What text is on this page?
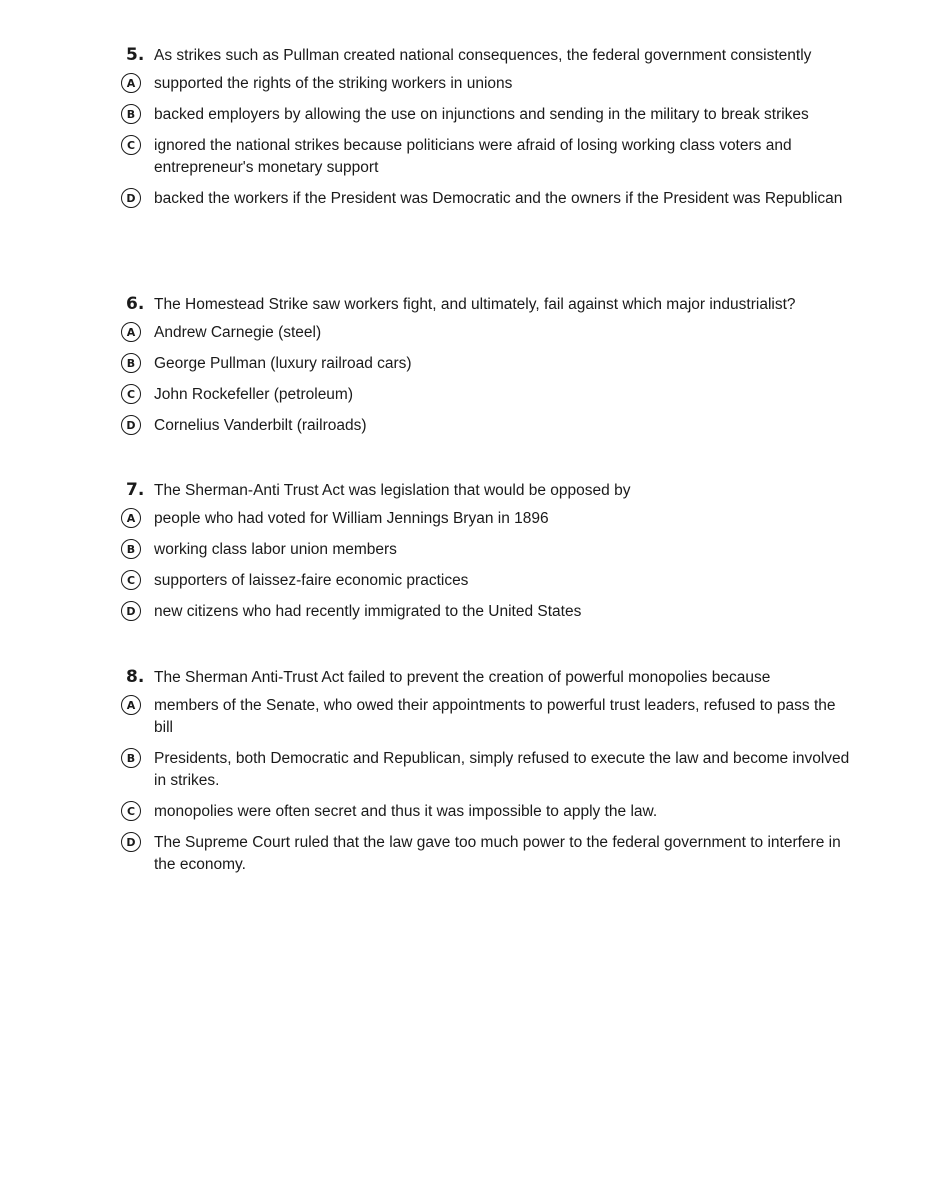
5. As strikes such as Pullman created national consequences, the federal government consistently
A	supported the rights of the striking workers in unions
B	backed employers by allowing the use on injunctions and sending in the military to break strikes
C	ignored the national strikes because politicians were afraid of losing working class voters and entrepreneur's monetary support
D	backed the workers if the President was Democratic and the owners if the President was Republican
6. The Homestead Strike saw workers fight, and ultimately, fail against which major industrialist?
A	Andrew Carnegie (steel)
B	George Pullman (luxury railroad cars)
C	John Rockefeller (petroleum)
D	Cornelius Vanderbilt (railroads)
7. The Sherman-Anti Trust Act was legislation that would be opposed by
A	people who had voted for William Jennings Bryan in 1896
B	working class labor union members
C	supporters of laissez-faire economic practices
D	new citizens who had recently immigrated to the United States
8. The Sherman Anti-Trust Act failed to prevent the creation of powerful monopolies because
A	members of the Senate, who owed their appointments to powerful trust leaders, refused to pass the bill
B	Presidents, both Democratic and Republican, simply refused to execute the law and become involved in strikes.
C	monopolies were often secret and thus it was impossible to apply the law.
D	The Supreme Court ruled that the law gave too much power to the federal government to interfere in the economy.
